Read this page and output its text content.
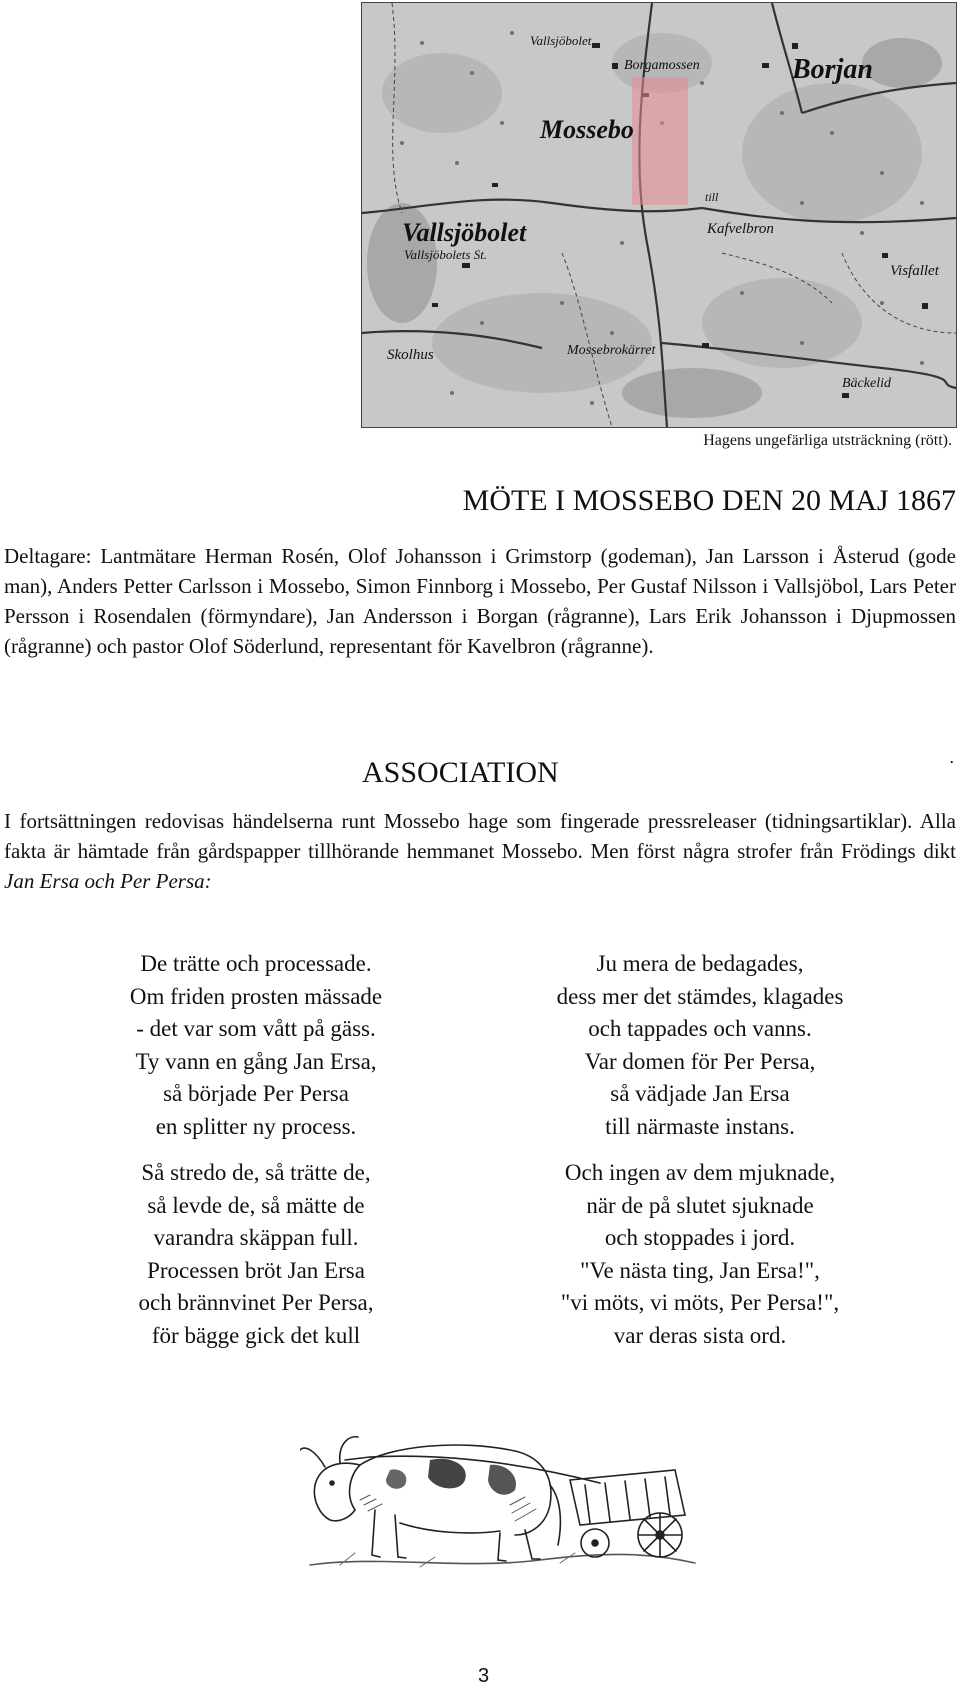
Mossebo
Borjan
Borgamossen
Vallsjöbolet
Vallsjöbolets St.
Vallsjöbolet
Kafvelbron
till
Skolhus	Mossebrokärret
Visfallet
Bäckelid
Hagens ungefärliga utsträckning (rött).
MÖTE I MOSSEBO DEN 20 MAJ 1867
Deltagare: Lantmätare Herman Rosén, Olof Johansson i Grimstorp (godeman), Jan Larsson i Åsterud (gode man), Anders Petter Carlsson i Mossebo, Simon Finnborg i Mossebo, Per Gustaf Nilsson i Vallsjöbol, Lars Peter Persson i Rosendalen (förmyndare), Jan Andersson i Borgan (rågranne), Lars Erik Johansson i Djupmossen (rågranne) och pastor Olof Söderlund, representant för Kavelbron (rågranne).
.
ASSOCIATION
I fortsättningen redovisas händelserna runt Mossebo hage som fingerade pressreleaser (tidningsartiklar). Alla fakta är hämtade från gårdspapper tillhörande hemmanet Mossebo. Men först några strofer från Frödings dikt Jan Ersa och Per Persa:
De trätte och processade.
Om friden prosten mässade
- det var som vått på gäss.
Ty vann en gång Jan Ersa,
så började Per Persa
en splitter ny process.
Så stredo de, så trätte de,
så levde de, så mätte de
varandra skäppan full.
Processen bröt Jan Ersa
och brännvinet Per Persa,
för bägge gick det kull
Ju mera de bedagades,
dess mer det stämdes, klagades
och tappades och vanns.
Var domen för Per Persa,
så vädjade Jan Ersa
till närmaste instans.
Och ingen av dem mjuknade,
när de på slutet sjuknade
och stoppades i jord.
"Ve nästa ting, Jan Ersa!",
"vi möts, vi möts, Per Persa!",
var deras sista ord.
3
